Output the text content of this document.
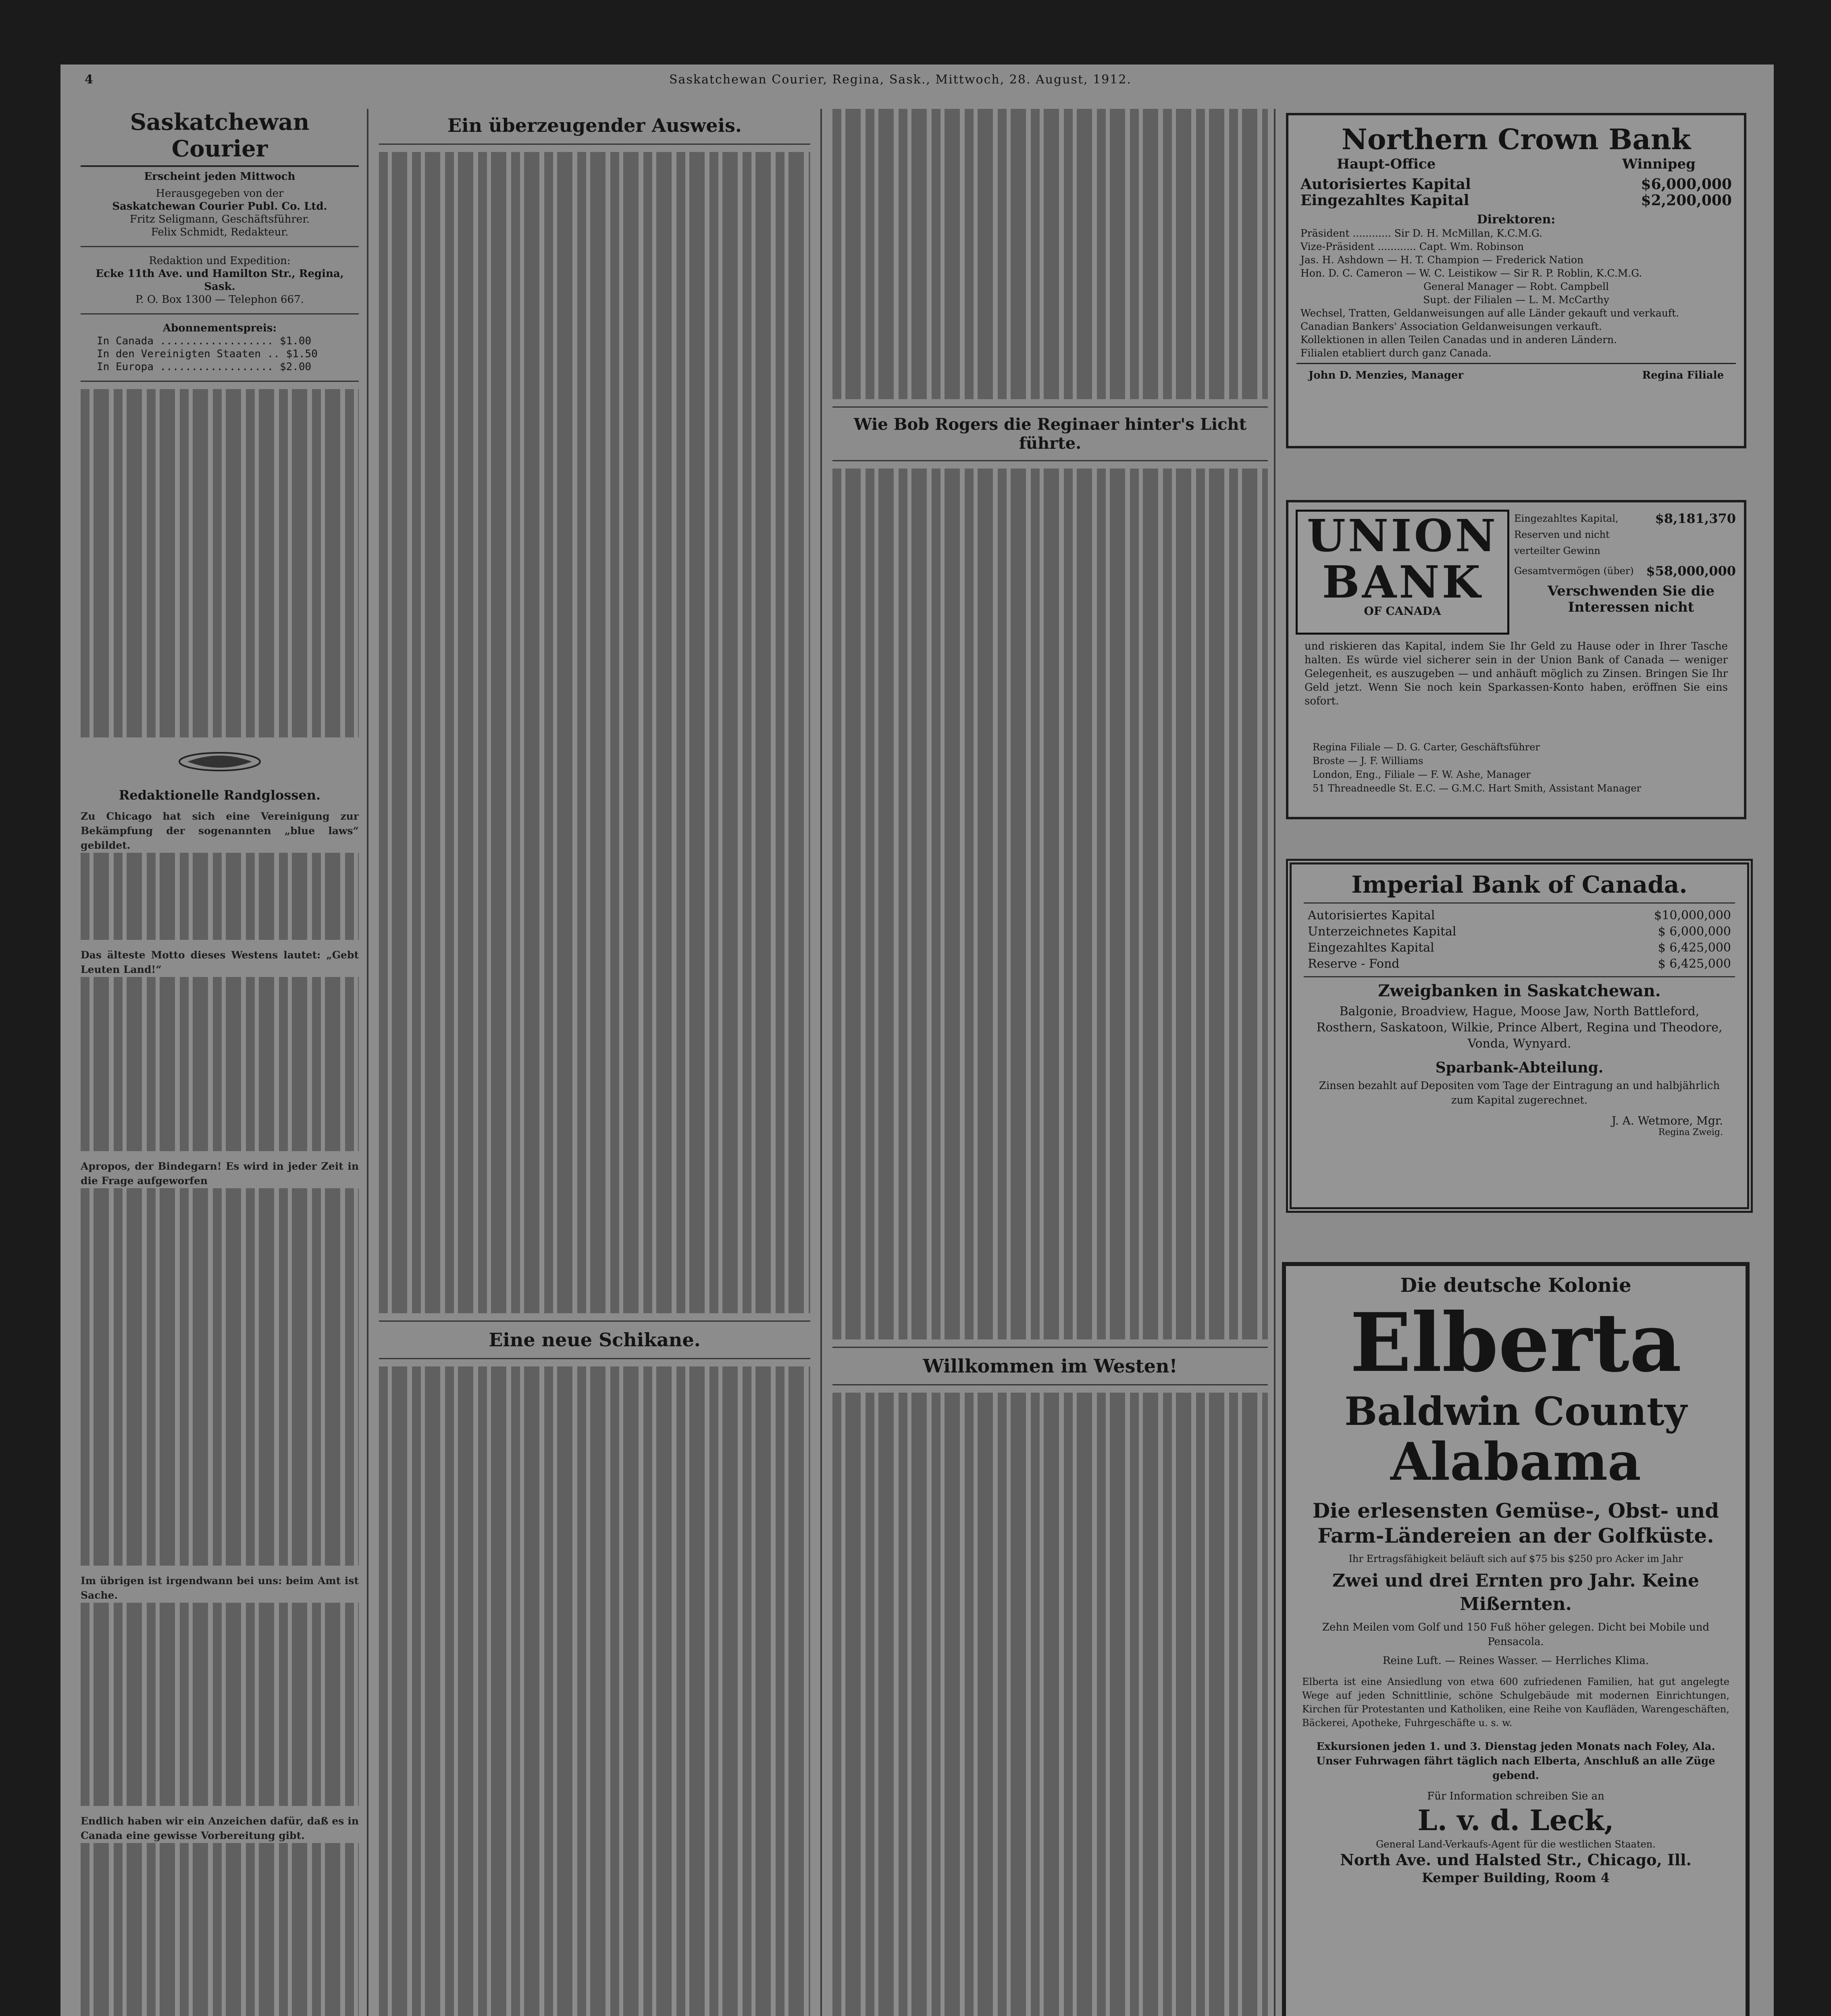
4	Saskatchewan Courier, Regina, Sask., Mittwoch, 28. August, 1912.
Saskatchewan Courier
Erscheint jeden Mittwoch
Herausgegeben von der
Saskatchewan Courier Publ. Co. Ltd.
Fritz Seligmann, Geschäftsführer.
Felix Schmidt, Redakteur.
Redaktion und Expedition:
Ecke 11th Ave. und Hamilton Str., Regina, Sask.
P. O. Box 1300 — Telephon 667.
Abonnementspreis:
In Canada .................. $1.00
In den Vereinigten Staaten .. $1.50
In Europa .................. $2.00
Redaktionelle Randglossen.
Zu Chicago hat sich eine Vereinigung zur Bekämpfung der sogenannten „blue laws“ gebildet.
Das älteste Motto dieses Westens lautet: „Gebt Leuten Land!“
Apropos, der Bindegarn! Es wird in jeder Zeit in die Frage aufgeworfen
Im übrigen ist irgendwann bei uns: beim Amt ist Sache.
Endlich haben wir ein Anzeichen dafür, daß es in Canada eine gewisse Vorbereitung gibt.
Ein überzeugender Ausweis.
Eine neue Schikane.
Wie Bob Rogers die Reginaer hinter's Licht führte.
Willkommen im Westen!
Northern Crown Bank
Haupt-Office	Winnipeg
Autorisiertes Kapital	$6,000,000
Eingezahltes Kapital	$2,200,000
Direktoren:
Präsident ............ Sir D. H. McMillan, K.C.M.G.
Vize-Präsident ............ Capt. Wm. Robinson
Jas. H. Ashdown — H. T. Champion — Frederick Nation
Hon. D. C. Cameron — W. C. Leistikow — Sir R. P. Roblin, K.C.M.G.
General Manager — Robt. Campbell
Supt. der Filialen — L. M. McCarthy
Wechsel, Tratten, Geldanweisungen auf alle Länder gekauft und verkauft.
Canadian Bankers' Association Geldanweisungen verkauft.
Kollektionen in allen Teilen Canadas und in anderen Ländern.
Filialen etabliert durch ganz Canada.
John D. Menzies, Manager	Regina Filiale
UNION
BANK
OF CANADA
Eingezahltes Kapital, Reserven und nicht verteilter Gewinn
$8,181,370
Gesamtvermögen (über) $58,000,000
Verschwenden Sie die Interessen nicht
und riskieren das Kapital, indem Sie Ihr Geld zu Hause oder in Ihrer Tasche halten. Es würde viel sicherer sein in der Union Bank of Canada — weniger Gelegenheit, es auszugeben — und anhäuft möglich zu Zinsen. Bringen Sie Ihr Geld jetzt. Wenn Sie noch kein Sparkassen-Konto haben, eröffnen Sie eins sofort.
Regina Filiale — D. G. Carter, Geschäftsführer
Broste — J. F. Williams
London, Eng., Filiale — F. W. Ashe, Manager
51 Threadneedle St. E.C. — G.M.C. Hart Smith, Assistant Manager
Imperial Bank of Canada.
Autorisiertes Kapital	$10,000,000
Unterzeichnetes Kapital	$ 6,000,000
Eingezahltes Kapital	$ 6,425,000
Reserve - Fond	$ 6,425,000
Zweigbanken in Saskatchewan.
Balgonie, Broadview, Hague, Moose Jaw, North Battleford, Rosthern, Saskatoon, Wilkie, Prince Albert, Regina und Theodore, Vonda, Wynyard.
Sparbank-Abteilung.
Zinsen bezahlt auf Depositen vom Tage der Eintragung an und halbjährlich zum Kapital zugerechnet.
J. A. Wetmore, Mgr.
Regina Zweig.
Die deutsche Kolonie
Elberta
Baldwin County
Alabama
Die erlesensten Gemüse-, Obst- und Farm-Ländereien an der Golfküste.
Ihr Ertragsfähigkeit beläuft sich auf $75 bis $250 pro Acker im Jahr
Zwei und drei Ernten pro Jahr. Keine Mißernten.
Zehn Meilen vom Golf und 150 Fuß höher gelegen. Dicht bei Mobile und Pensacola.
Reine Luft. — Reines Wasser. — Herrliches Klima.
Elberta ist eine Ansiedlung von etwa 600 zufriedenen Familien, hat gut angelegte Wege auf jeden Schnittlinie, schöne Schulgebäude mit modernen Einrichtungen, Kirchen für Protestanten und Katholiken, eine Reihe von Kaufläden, Warengeschäften, Bäckerei, Apotheke, Fuhrgeschäfte u. s. w.
Exkursionen jeden 1. und 3. Dienstag jeden Monats nach Foley, Ala. Unser Fuhrwagen fährt täglich nach Elberta, Anschluß an alle Züge gebend.
Für Information schreiben Sie an
L. v. d. Leck,
General Land-Verkaufs-Agent für die westlichen Staaten.
North Ave. und Halsted Str., Chicago, Ill.
Kemper Building, Room 4
